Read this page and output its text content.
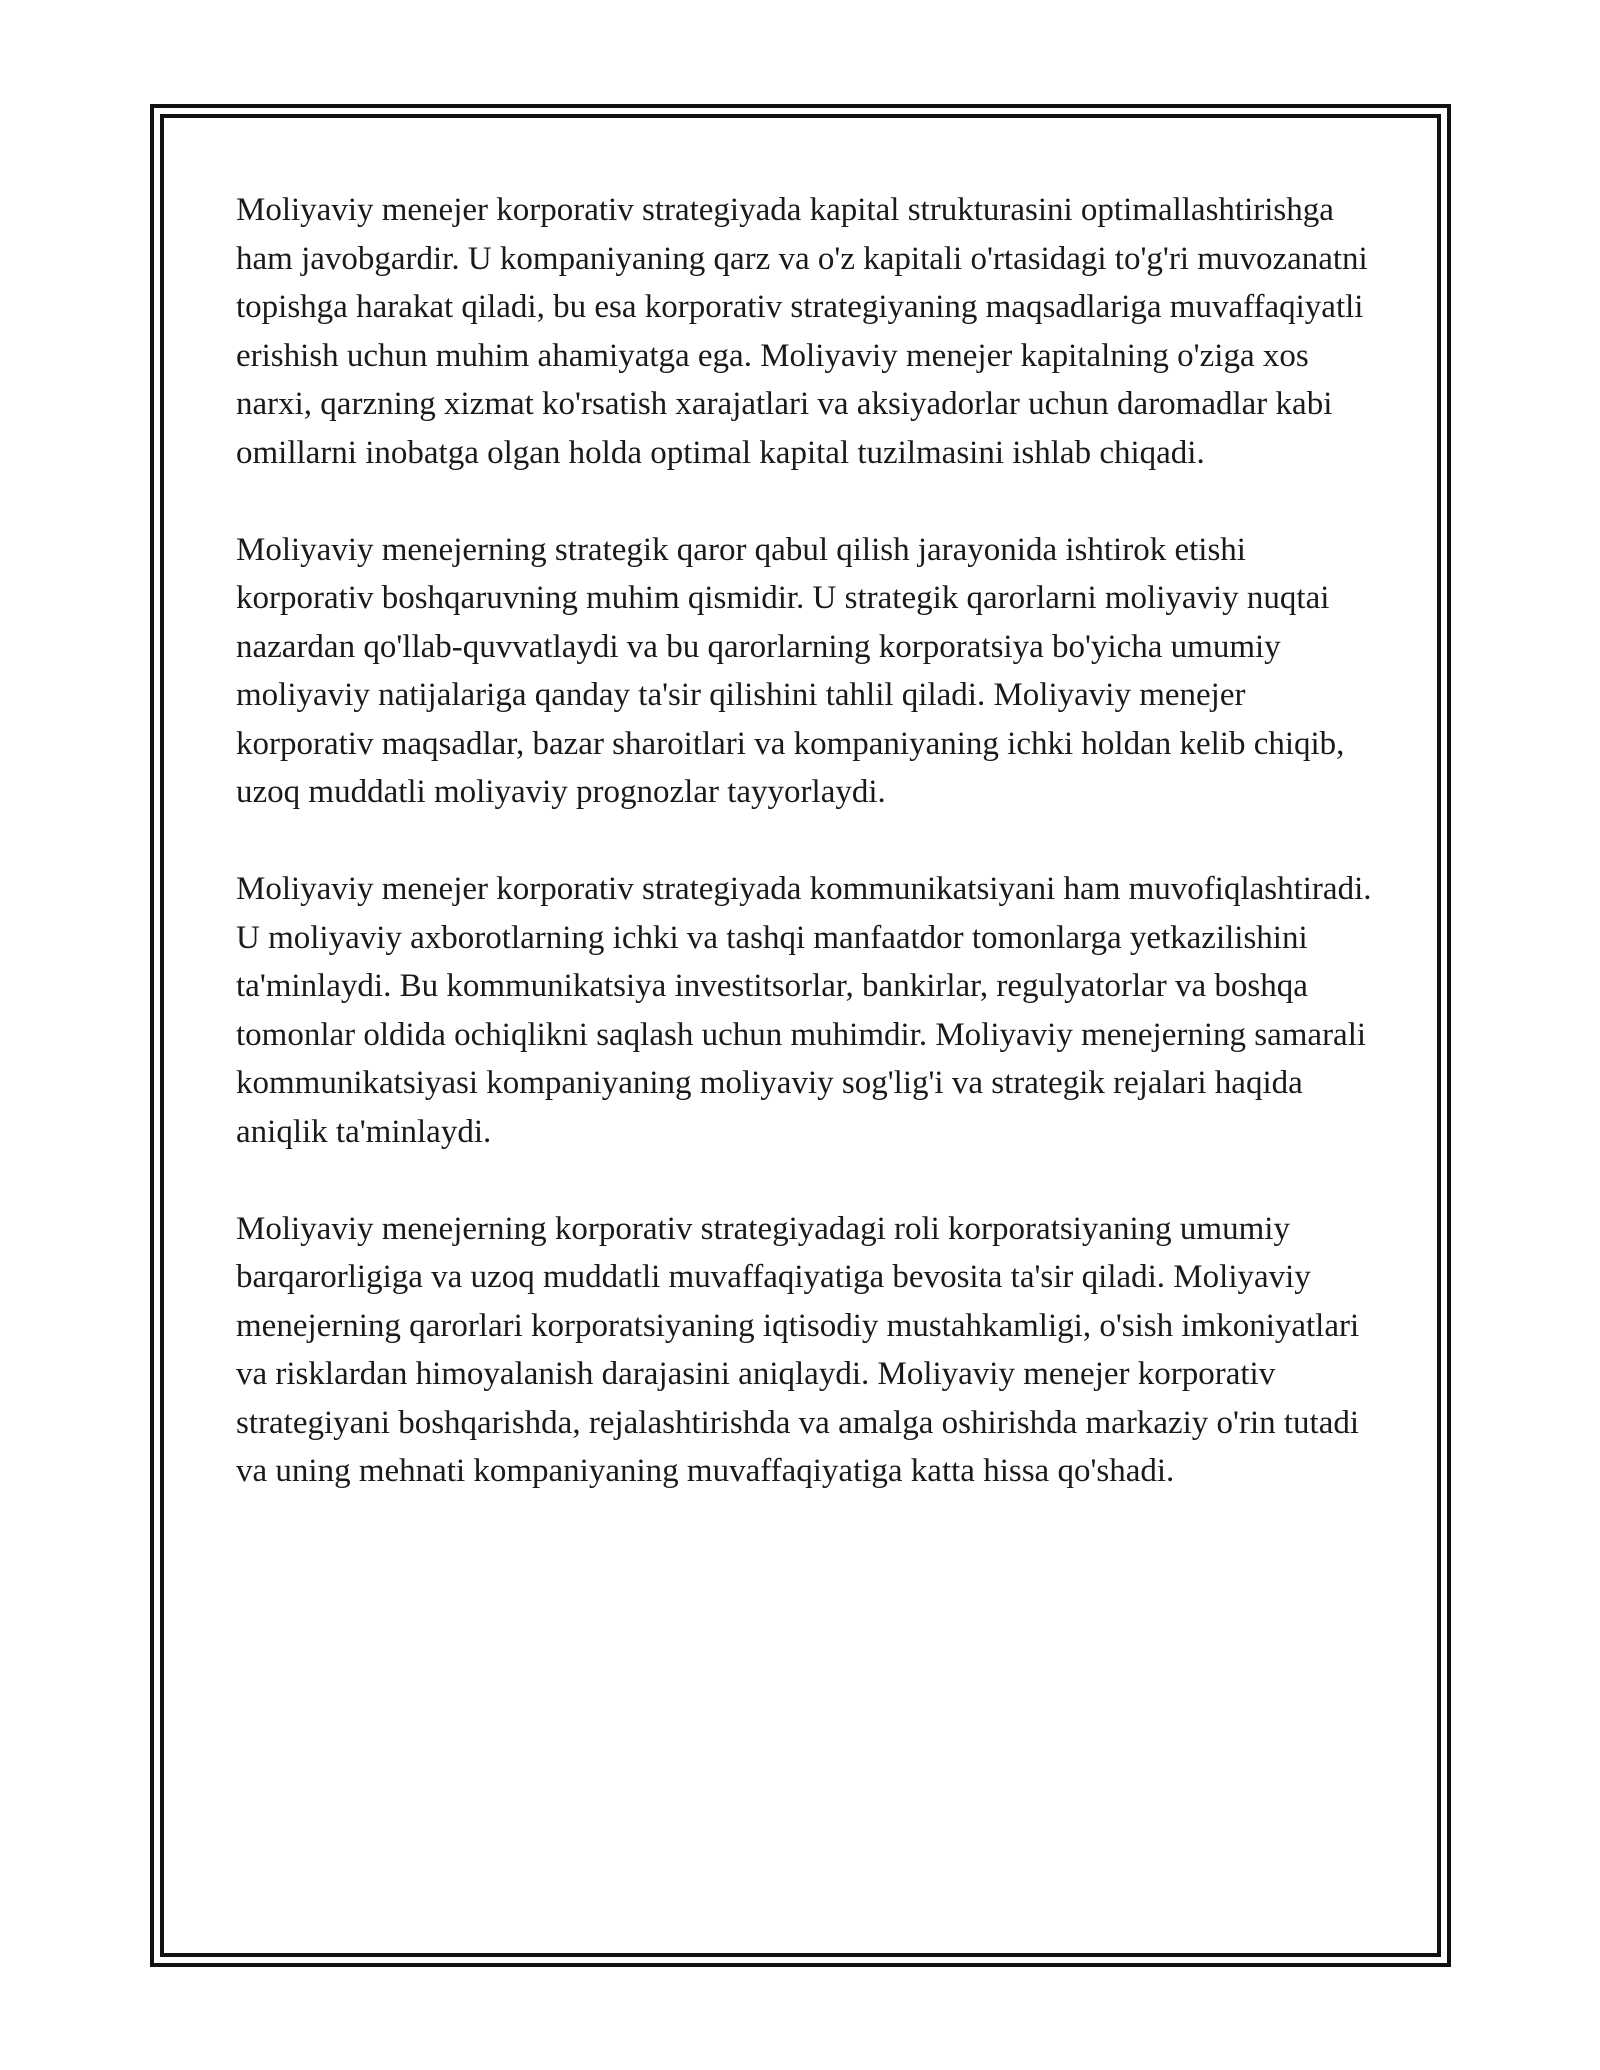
Moliyaviy menejer korporativ strategiyada kapital strukturasini optimallashtirishga ham javobgardir. U kompaniyaning qarz va o'z kapitali o'rtasidagi to'g'ri muvozanatni topishga harakat qiladi, bu esa korporativ strategiyaning maqsadlariga muvaffaqiyatli erishish uchun muhim ahamiyatga ega. Moliyaviy menejer kapitalning o'ziga xos narxi, qarzning xizmat ko'rsatish xarajatlari va aksiyadorlar uchun daromadlar kabi omillarni inobatga olgan holda optimal kapital tuzilmasini ishlab chiqadi.

Moliyaviy menejerning strategik qaror qabul qilish jarayonida ishtirok etishi korporativ boshqaruvning muhim qismidir. U strategik qarorlarni moliyaviy nuqtai nazardan qo'llab-quvvatlaydi va bu qarorlarning korporatsiya bo'yicha umumiy moliyaviy natijalariga qanday ta'sir qilishini tahlil qiladi. Moliyaviy menejer korporativ maqsadlar, bazar sharoitlari va kompaniyaning ichki holdan kelib chiqib, uzoq muddatli moliyaviy prognozlar tayyorlaydi.

Moliyaviy menejer korporativ strategiyada kommunikatsiyani ham muvofiqlashtiradi. U moliyaviy axborotlarning ichki va tashqi manfaatdor tomonlarga yetkazilishini ta'minlaydi. Bu kommunikatsiya investitsorlar, bankirlar, regulyatorlar va boshqa tomonlar oldida ochiqlikni saqlash uchun muhimdir. Moliyaviy menejerning samarali kommunikatsiyasi kompaniyaning moliyaviy sog'lig'i va strategik rejalari haqida aniqlik ta'minlaydi.

Moliyaviy menejerning korporativ strategiyadagi roli korporatsiyaning umumiy barqarorligiga va uzoq muddatli muvaffaqiyatiga bevosita ta'sir qiladi. Moliyaviy menejerning qarorlari korporatsiyaning iqtisodiy mustahkamligi, o'sish imkoniyatlari va risklardan himoyalanish darajasini aniqlaydi. Moliyaviy menejer korporativ strategiyani boshqarishda, rejalashtirishda va amalga oshirishda markaziy o'rin tutadi va uning mehnati kompaniyaning muvaffaqiyatiga katta hissa qo'shadi.
